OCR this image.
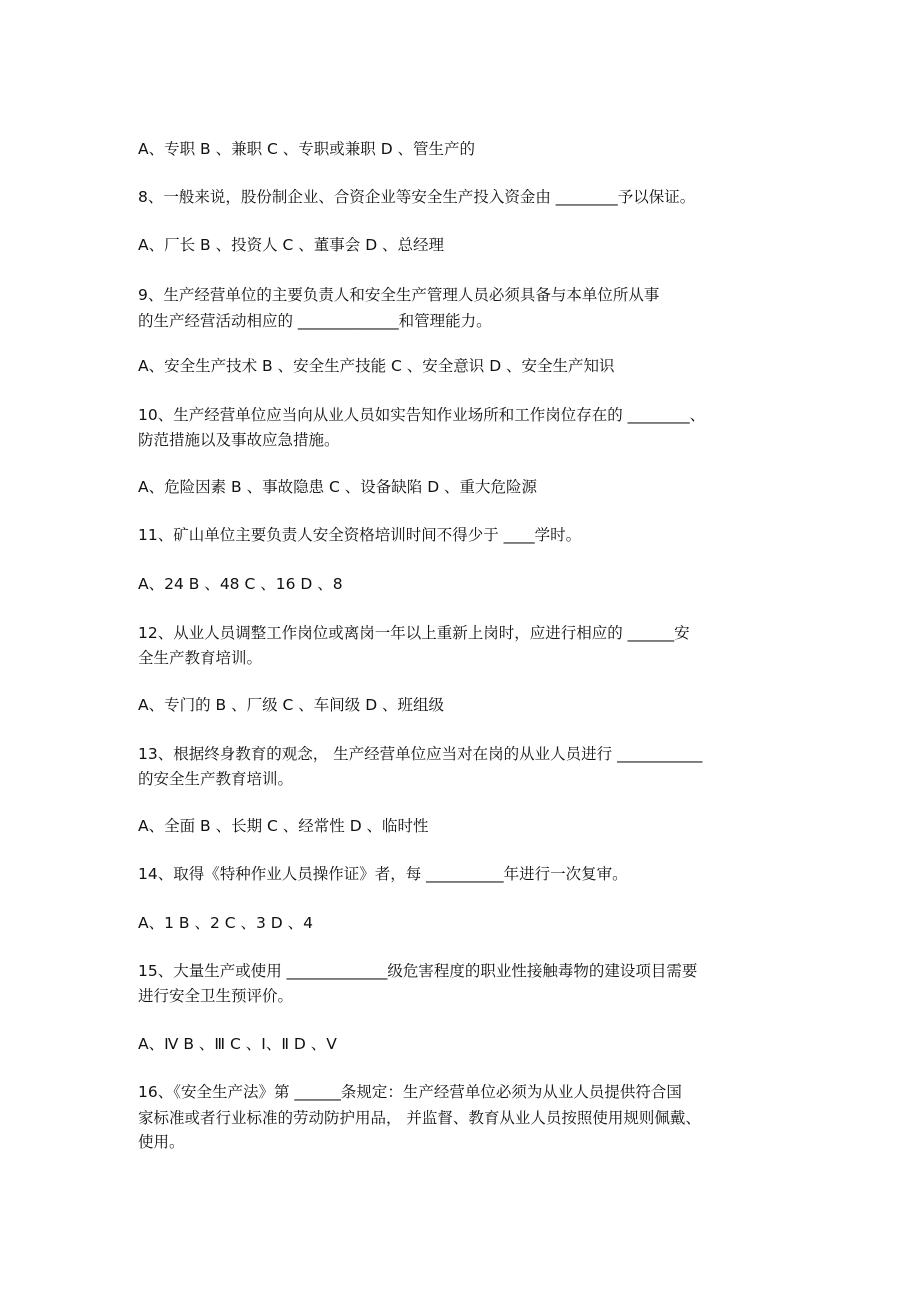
A、专职 B 、兼职 C 、专职或兼职 D 、管生产的
8、一般来说，股份制企业、合资企业等安全生产投入资金由 ________予以保证。
A、厂长 B 、投资人 C 、董事会 D 、总经理
9、生产经营单位的主要负责人和安全生产管理人员必须具备与本单位所从事
的生产经营活动相应的 _____________和管理能力。
A、安全生产技术 B 、安全生产技能 C 、安全意识 D 、安全生产知识
10、生产经营单位应当向从业人员如实告知作业场所和工作岗位存在的 ________、
防范措施以及事故应急措施。
A、危险因素 B 、事故隐患 C 、设备缺陷 D 、重大危险源
11、矿山单位主要负责人安全资格培训时间不得少于 ____学时。
A、24 B 、48 C 、16 D 、8
12、从业人员调整工作岗位或离岗一年以上重新上岗时，应进行相应的 ______安
全生产教育培训。
A、专门的 B 、厂级 C 、车间级 D 、班组级
13、根据终身教育的观念， 生产经营单位应当对在岗的从业人员进行 ___________
的安全生产教育培训。
A、全面 B 、长期 C 、经常性 D 、临时性
14、取得《特种作业人员操作证》者，每 __________年进行一次复审。
A、1 B 、2 C 、3 D 、4
15、大量生产或使用 _____________级危害程度的职业性接触毒物的建设项目需要
进行安全卫生预评价。
A、Ⅳ B 、Ⅲ C 、Ⅰ、Ⅱ D 、Ⅴ
16、《安全生产法》第 ______条规定：生产经营单位必须为从业人员提供符合国
家标准或者行业标准的劳动防护用品， 并监督、教育从业人员按照使用规则佩戴、
使用。
